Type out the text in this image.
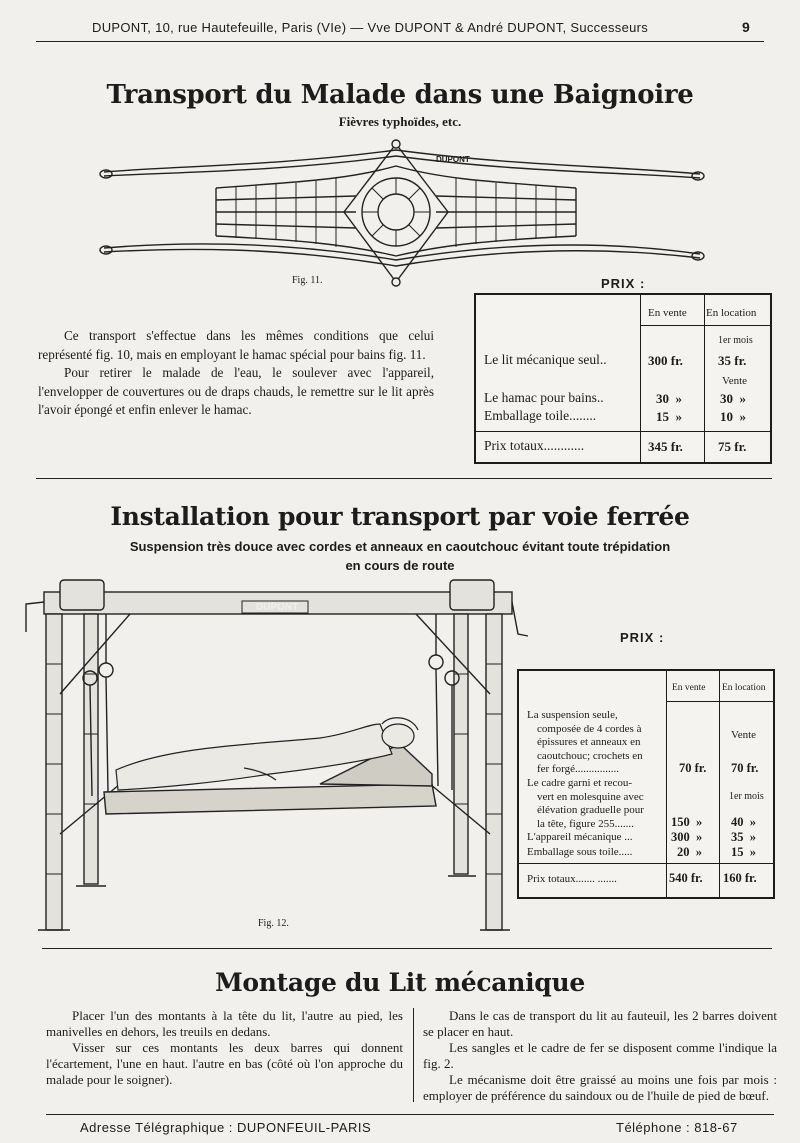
DUPONT, 10, rue Hautefeuille, Paris (VIe) — Vve DUPONT & André DUPONT, Successeurs	9
Transport du Malade dans une Baignoire
Fièvres typhoïdes, etc.
DUPONT
Fig. 11.

Ce transport s'effectue dans les mêmes conditions que celui représenté fig. 10, mais en employant le hamac spécial pour bains fig. 11.

Pour retirer le malade de l'eau, le soulever avec l'appareil, l'envelopper de couvertures ou de draps chauds, le remettre sur le lit après l'avoir épongé et enfin enlever le hamac.

PRIX :
En vente En location
1er mois
Le lit mécanique seul..	300 fr.	35 fr.
Vente
Le hamac pour bains..	30  »	30  »
Emballage toile........	15  »	10  »
Prix totaux............	345 fr.	75 fr.
Installation pour transport par voie ferrée
Suspension très douce avec cordes et anneaux en caoutchouc évitant toute trépidation
en cours de route
DUPONT
Fig. 12.
PRIX :
En vente En location
La suspension seule,
composée de 4 cordes à
épissures et anneaux en
caoutchouc; crochets en
fer forgé................
Vente
70 fr. 70 fr.
Le cadre garni et recou-
vert en molesquine avec
élévation graduelle pour
la tête, figure 255.......
1er mois
150  » 40  »
L'appareil mécanique ...	300  » 35  »
Emballage sous toile.....	20  » 15  »
Prix totaux....... .......	540 fr. 160 fr.
Montage du Lit mécanique

Placer l'un des montants à la tête du lit, l'autre au pied, les manivelles en dehors, les treuils en dedans.

Visser sur ces montants les deux barres qui donnent l'écartement, l'une en haut. l'autre en bas (côté où l'on approche du malade pour le soigner).

Dans le cas de transport du lit au fauteuil, les 2 barres doivent se placer en haut.

Les sangles et le cadre de fer se disposent comme l'indique la fig. 2.

Le mécanisme doit être graissé au moins une fois par mois : employer de préférence du saindoux ou de l'huile de pied de bœuf.

Adresse Télégraphique : DUPONFEUIL-PARIS	Téléphone : 818-67
